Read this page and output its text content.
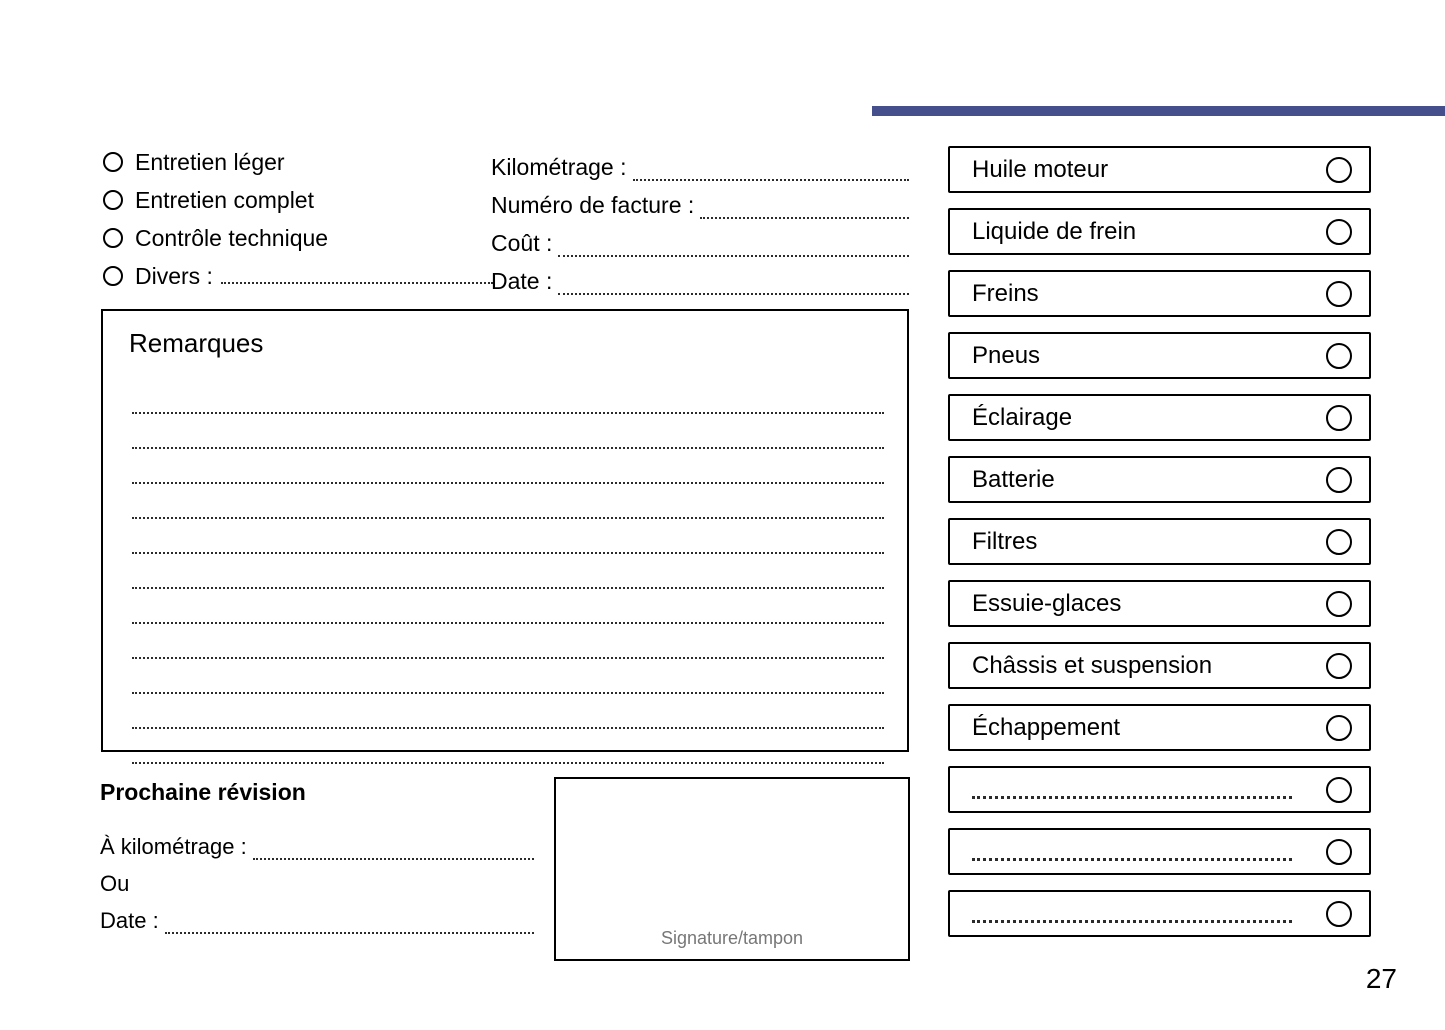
Entretien léger
Entretien complet
Contrôle technique
Divers :
Kilométrage :
Numéro de facture :
Coût :
Date :
Remarques
Prochaine révision
À kilométrage :
Ou
Date :
Signature/tampon
Huile moteur
Liquide de frein
Freins
Pneus
Éclairage
Batterie
Filtres
Essuie-glaces
Châssis et suspension
Échappement
27
